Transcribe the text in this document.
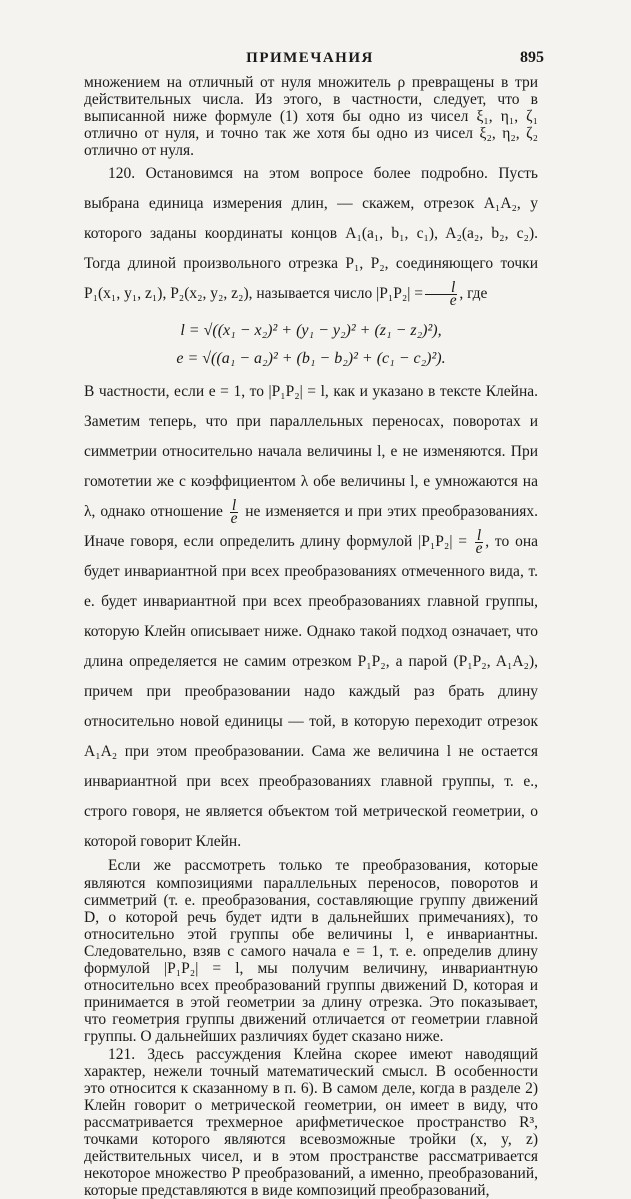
ПРИМЕЧАНИЯ	895

множением на отличный от нуля множитель ρ превращены в три действительных числа. Из этого, в частности, следует, что в выписанной ниже формуле (1) хотя бы одно из чисел ξ₁, η₁, ζ₁ отлично от нуля, и точно так же хотя бы одно из чисел ξ₂, η₂, ζ₂ отлично от нуля.

120. Остановимся на этом вопросе более подробно. Пусть выбрана единица измерения длин, — скажем, отрезок A₁A₂, у которого заданы координаты концов A₁(a₁, b₁, c₁), A₂(a₂, b₂, c₂). Тогда длиной произвольного отрезка P₁, P₂, соединяющего точки P₁(x₁, y₁, z₁), P₂(x₂, y₂, z₂), называется число $|P_1P_2| = \frac{l}{e}$ , где

l = √((x₁ − x₂)² + (y₁ − y₂)² + (z₁ − z₂)²),
e = √((a₁ − a₂)² + (b₁ − b₂)² + (c₁ − c₂)²).

В частности, если e = 1, то |P₁P₂| = l, как и указано в тексте Клейна. Заметим теперь, что при параллельных переносах, поворотах и симметрии относительно начала величины l, e не изменяются. При гомотетии же с коэффициентом λ обе величины l, e умножаются на λ, однако отношение $\frac{l}{e}$ не изменяется и при этих преобразованиях. Иначе говоря, если определить длину формулой $|P_1P_2| = \frac{l}{e}$ , то она будет инвариантной при всех преобразованиях отмеченного вида, т. е. будет инвариантной при всех преобразованиях главной группы, которую Клейн описывает ниже. Однако такой подход означает, что длина определяется не самим отрезком P₁P₂, а парой (P₁P₂, A₁A₂), причем при преобразовании надо каждый раз брать длину относительно новой единицы — той, в которую переходит отрезок A₁A₂ при этом преобразовании. Сама же величина l не остается инвариантной при всех преобразованиях главной группы, т. е., строго говоря, не является объектом той метрической геометрии, о которой говорит Клейн.

Если же рассмотреть только те преобразования, которые являются композициями параллельных переносов, поворотов и симметрий (т. е. преобразования, составляющие группу движений D, о которой речь будет идти в дальнейших примечаниях), то относительно этой группы обе величины l, e инвариантны. Следовательно, взяв с самого начала e = 1, т. е. определив длину формулой |P₁P₂| = l, мы получим величину, инвариантную относительно всех преобразований группы движений D, которая и принимается в этой геометрии за длину отрезка. Это показывает, что геометрия группы движений отличается от геометрии главной группы. О дальнейших различиях будет сказано ниже.

121. Здесь рассуждения Клейна скорее имеют наводящий характер, нежели точный математический смысл. В особенности это относится к сказанному в п. 6). В самом деле, когда в разделе 2) Клейн говорит о метрической геометрии, он имеет в виду, что рассматривается трехмерное арифметическое пространство R³, точками которого являются всевозможные тройки (x, y, z) действительных чисел, и в этом пространстве рассматривается некоторое множество P преобразований, а именно, преобразований, которые представляются в виде композиций преобразований,
